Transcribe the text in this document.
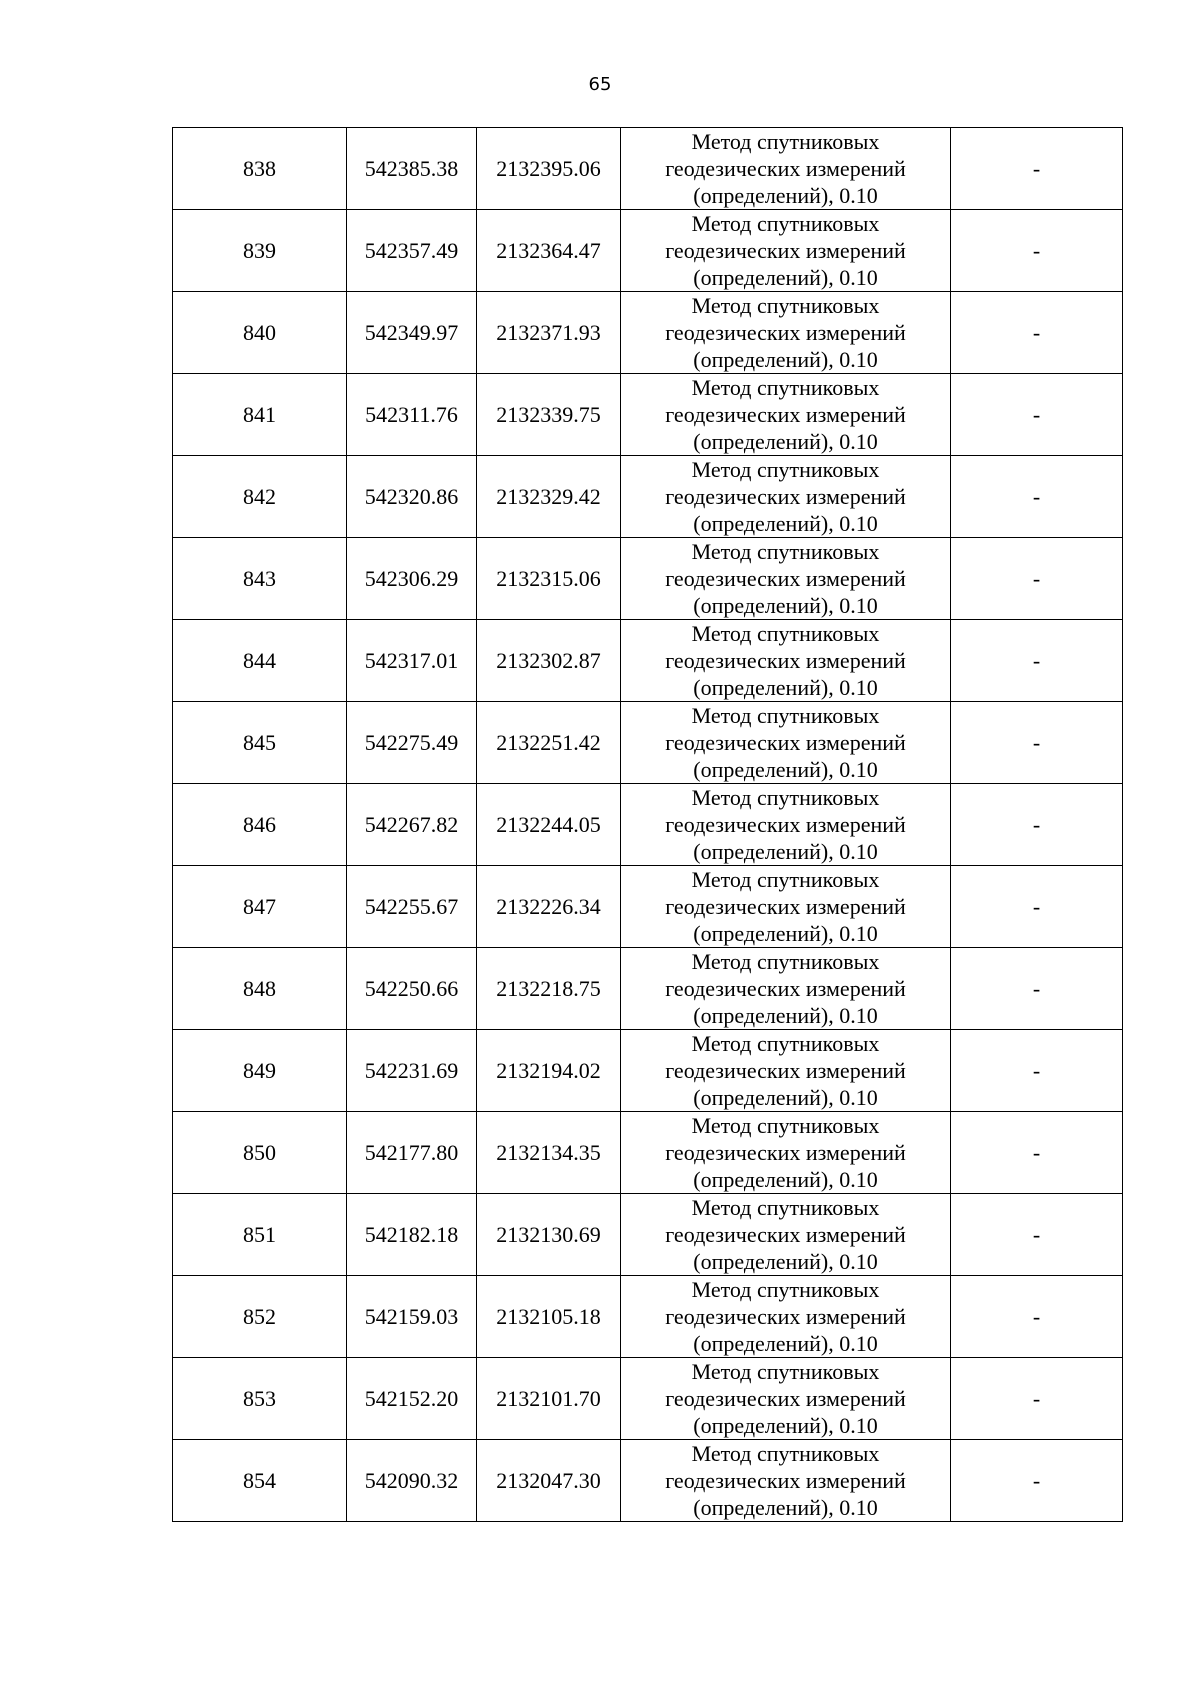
65
838	542385.38	2132395.06	Метод спутниковых
геодезических измерений
(определений), 0.10	-
839	542357.49	2132364.47	Метод спутниковых
геодезических измерений
(определений), 0.10	-
840	542349.97	2132371.93	Метод спутниковых
геодезических измерений
(определений), 0.10	-
841	542311.76	2132339.75	Метод спутниковых
геодезических измерений
(определений), 0.10	-
842	542320.86	2132329.42	Метод спутниковых
геодезических измерений
(определений), 0.10	-
843	542306.29	2132315.06	Метод спутниковых
геодезических измерений
(определений), 0.10	-
844	542317.01	2132302.87	Метод спутниковых
геодезических измерений
(определений), 0.10	-
845	542275.49	2132251.42	Метод спутниковых
геодезических измерений
(определений), 0.10	-
846	542267.82	2132244.05	Метод спутниковых
геодезических измерений
(определений), 0.10	-
847	542255.67	2132226.34	Метод спутниковых
геодезических измерений
(определений), 0.10	-
848	542250.66	2132218.75	Метод спутниковых
геодезических измерений
(определений), 0.10	-
849	542231.69	2132194.02	Метод спутниковых
геодезических измерений
(определений), 0.10	-
850	542177.80	2132134.35	Метод спутниковых
геодезических измерений
(определений), 0.10	-
851	542182.18	2132130.69	Метод спутниковых
геодезических измерений
(определений), 0.10	-
852	542159.03	2132105.18	Метод спутниковых
геодезических измерений
(определений), 0.10	-
853	542152.20	2132101.70	Метод спутниковых
геодезических измерений
(определений), 0.10	-
854	542090.32	2132047.30	Метод спутниковых
геодезических измерений
(определений), 0.10	-
